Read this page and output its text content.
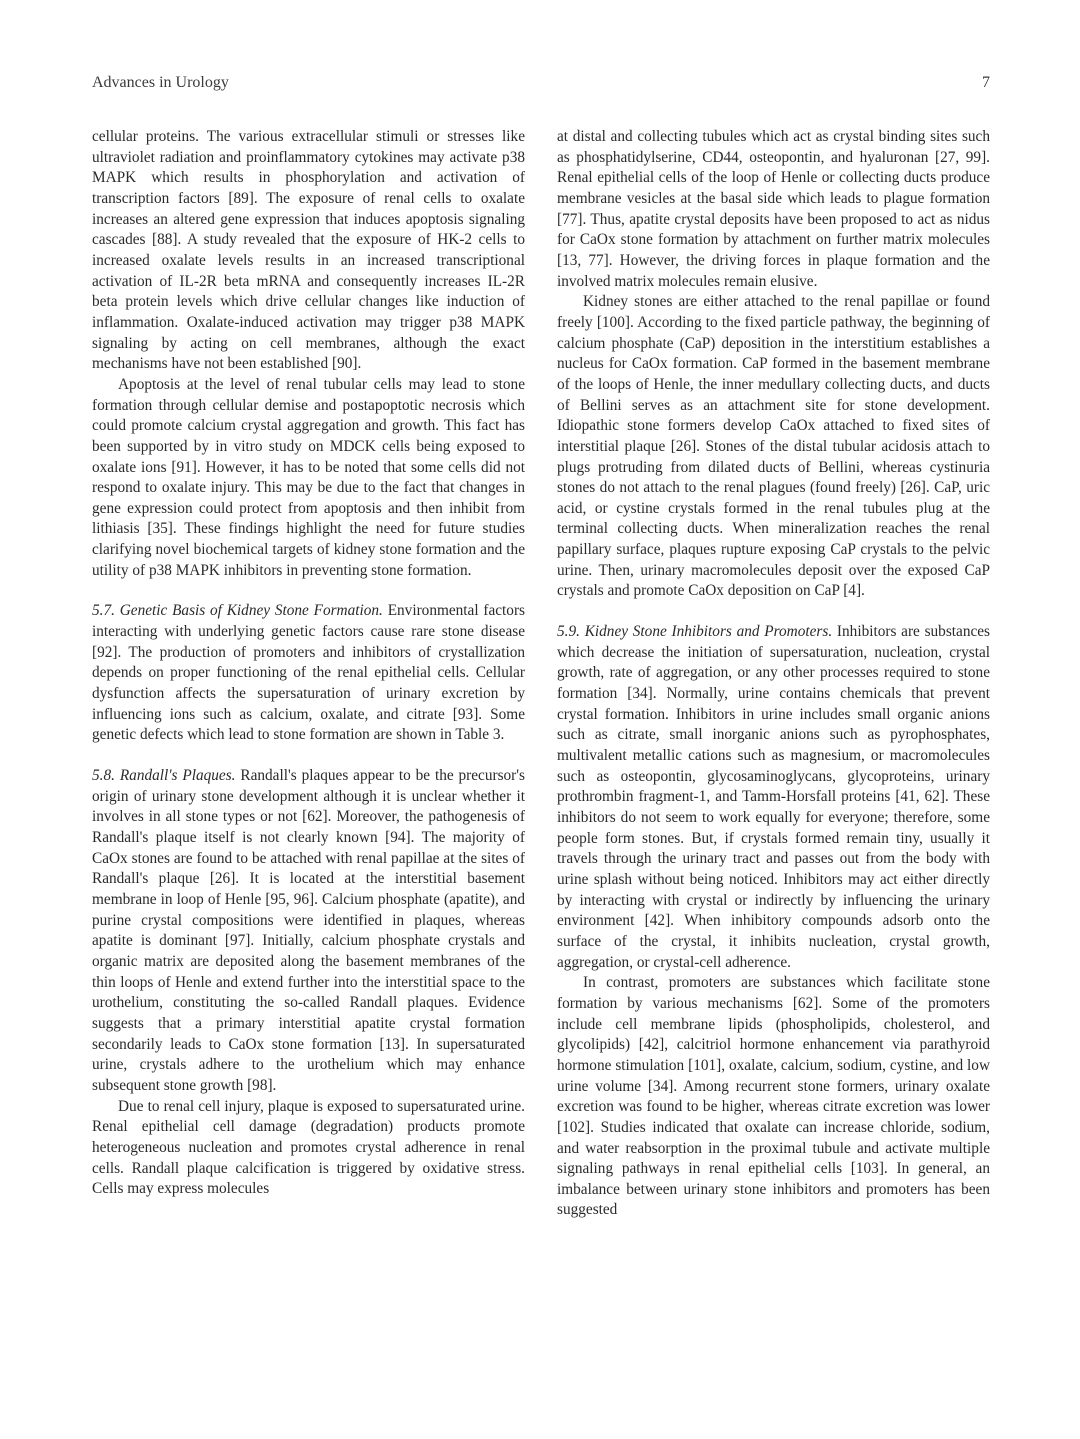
Advances in Urology	7

cellular proteins. The various extracellular stimuli or stresses like ultraviolet radiation and proinflammatory cytokines may activate p38 MAPK which results in phosphorylation and activation of transcription factors [89]. The exposure of renal cells to oxalate increases an altered gene expression that induces apoptosis signaling cascades [88]. A study revealed that the exposure of HK-2 cells to increased oxalate levels results in an increased transcriptional activation of IL-2R beta mRNA and consequently increases IL-2R beta protein levels which drive cellular changes like induction of inflammation. Oxalate-induced activation may trigger p38 MAPK signaling by acting on cell membranes, although the exact mechanisms have not been established [90].

Apoptosis at the level of renal tubular cells may lead to stone formation through cellular demise and postapoptotic necrosis which could promote calcium crystal aggregation and growth. This fact has been supported by in vitro study on MDCK cells being exposed to oxalate ions [91]. However, it has to be noted that some cells did not respond to oxalate injury. This may be due to the fact that changes in gene expression could protect from apoptosis and then inhibit from lithiasis [35]. These findings highlight the need for future studies clarifying novel biochemical targets of kidney stone formation and the utility of p38 MAPK inhibitors in preventing stone formation.

5.7. Genetic Basis of Kidney Stone Formation. Environmental factors interacting with underlying genetic factors cause rare stone disease [92]. The production of promoters and inhibitors of crystallization depends on proper functioning of the renal epithelial cells. Cellular dysfunction affects the supersaturation of urinary excretion by influencing ions such as calcium, oxalate, and citrate [93]. Some genetic defects which lead to stone formation are shown in Table 3.

5.8. Randall's Plaques. Randall's plaques appear to be the precursor's origin of urinary stone development although it is unclear whether it involves in all stone types or not [62]. Moreover, the pathogenesis of Randall's plaque itself is not clearly known [94]. The majority of CaOx stones are found to be attached with renal papillae at the sites of Randall's plaque [26]. It is located at the interstitial basement membrane in loop of Henle [95, 96]. Calcium phosphate (apatite), and purine crystal compositions were identified in plaques, whereas apatite is dominant [97]. Initially, calcium phosphate crystals and organic matrix are deposited along the basement membranes of the thin loops of Henle and extend further into the interstitial space to the urothelium, constituting the so-called Randall plaques. Evidence suggests that a primary interstitial apatite crystal formation secondarily leads to CaOx stone formation [13]. In supersaturated urine, crystals adhere to the urothelium which may enhance subsequent stone growth [98].

Due to renal cell injury, plaque is exposed to supersaturated urine. Renal epithelial cell damage (degradation) products promote heterogeneous nucleation and promotes crystal adherence in renal cells. Randall plaque calcification is triggered by oxidative stress. Cells may express molecules

at distal and collecting tubules which act as crystal binding sites such as phosphatidylserine, CD44, osteopontin, and hyaluronan [27, 99]. Renal epithelial cells of the loop of Henle or collecting ducts produce membrane vesicles at the basal side which leads to plague formation [77]. Thus, apatite crystal deposits have been proposed to act as nidus for CaOx stone formation by attachment on further matrix molecules [13, 77]. However, the driving forces in plaque formation and the involved matrix molecules remain elusive.

Kidney stones are either attached to the renal papillae or found freely [100]. According to the fixed particle pathway, the beginning of calcium phosphate (CaP) deposition in the interstitium establishes a nucleus for CaOx formation. CaP formed in the basement membrane of the loops of Henle, the inner medullary collecting ducts, and ducts of Bellini serves as an attachment site for stone development. Idiopathic stone formers develop CaOx attached to fixed sites of interstitial plaque [26]. Stones of the distal tubular acidosis attach to plugs protruding from dilated ducts of Bellini, whereas cystinuria stones do not attach to the renal plagues (found freely) [26]. CaP, uric acid, or cystine crystals formed in the renal tubules plug at the terminal collecting ducts. When mineralization reaches the renal papillary surface, plaques rupture exposing CaP crystals to the pelvic urine. Then, urinary macromolecules deposit over the exposed CaP crystals and promote CaOx deposition on CaP [4].

5.9. Kidney Stone Inhibitors and Promoters. Inhibitors are substances which decrease the initiation of supersaturation, nucleation, crystal growth, rate of aggregation, or any other processes required to stone formation [34]. Normally, urine contains chemicals that prevent crystal formation. Inhibitors in urine includes small organic anions such as citrate, small inorganic anions such as pyrophosphates, multivalent metallic cations such as magnesium, or macromolecules such as osteopontin, glycosaminoglycans, glycoproteins, urinary prothrombin fragment-1, and Tamm-Horsfall proteins [41, 62]. These inhibitors do not seem to work equally for everyone; therefore, some people form stones. But, if crystals formed remain tiny, usually it travels through the urinary tract and passes out from the body with urine splash without being noticed. Inhibitors may act either directly by interacting with crystal or indirectly by influencing the urinary environment [42]. When inhibitory compounds adsorb onto the surface of the crystal, it inhibits nucleation, crystal growth, aggregation, or crystal-cell adherence.

In contrast, promoters are substances which facilitate stone formation by various mechanisms [62]. Some of the promoters include cell membrane lipids (phospholipids, cholesterol, and glycolipids) [42], calcitriol hormone enhancement via parathyroid hormone stimulation [101], oxalate, calcium, sodium, cystine, and low urine volume [34]. Among recurrent stone formers, urinary oxalate excretion was found to be higher, whereas citrate excretion was lower [102]. Studies indicated that oxalate can increase chloride, sodium, and water reabsorption in the proximal tubule and activate multiple signaling pathways in renal epithelial cells [103]. In general, an imbalance between urinary stone inhibitors and promoters has been suggested
